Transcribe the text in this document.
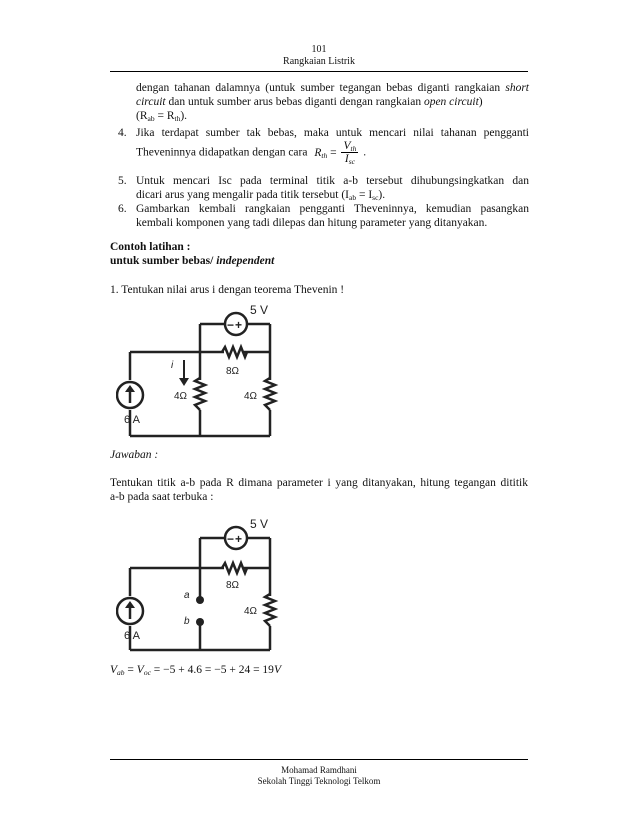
101
Rangkaian Listrik
dengan tahanan dalamnya (untuk sumber tegangan bebas diganti rangkaian short
circuit dan untuk sumber arus bebas diganti dengan rangkaian open circuit)
$(R_{ab} = R_{th})$.
4. Jika terdapat sumber tak bebas, maka untuk mencari nilai tahanan pengganti
Theveninnya didapatkan dengan cara $R_{th} = \frac{V_{th}}{I_{sc}}$ .
5. Untuk mencari Isc pada terminal titik a-b tersebut dihubungsingkatkan dan
dicari arus yang mengalir pada titik tersebut $(I_{ab} = I_{sc})$.
6. Gambarkan kembali rangkaian pengganti Theveninnya, kemudian pasangkan
kembali komponen yang tadi dilepas dan hitung parameter yang ditanyakan.
Contoh latihan :
untuk sumber bebas/ independent
1. Tentukan nilai arus i dengan teorema Thevenin !
− +
5 V
8Ω
4Ω	4Ω
i
6 A
Jawaban :
Tentukan titik a-b pada R dimana parameter i yang ditanyakan, hitung tegangan dititik
a-b pada saat terbuka :
− +
5 V
8Ω
4Ω
a
b
6 A
$V_{ab} = V_{oc} = -5 + 4.6 = -5 + 24 = 19V$
Mohamad Ramdhani
Sekolah Tinggi Teknologi Telkom
